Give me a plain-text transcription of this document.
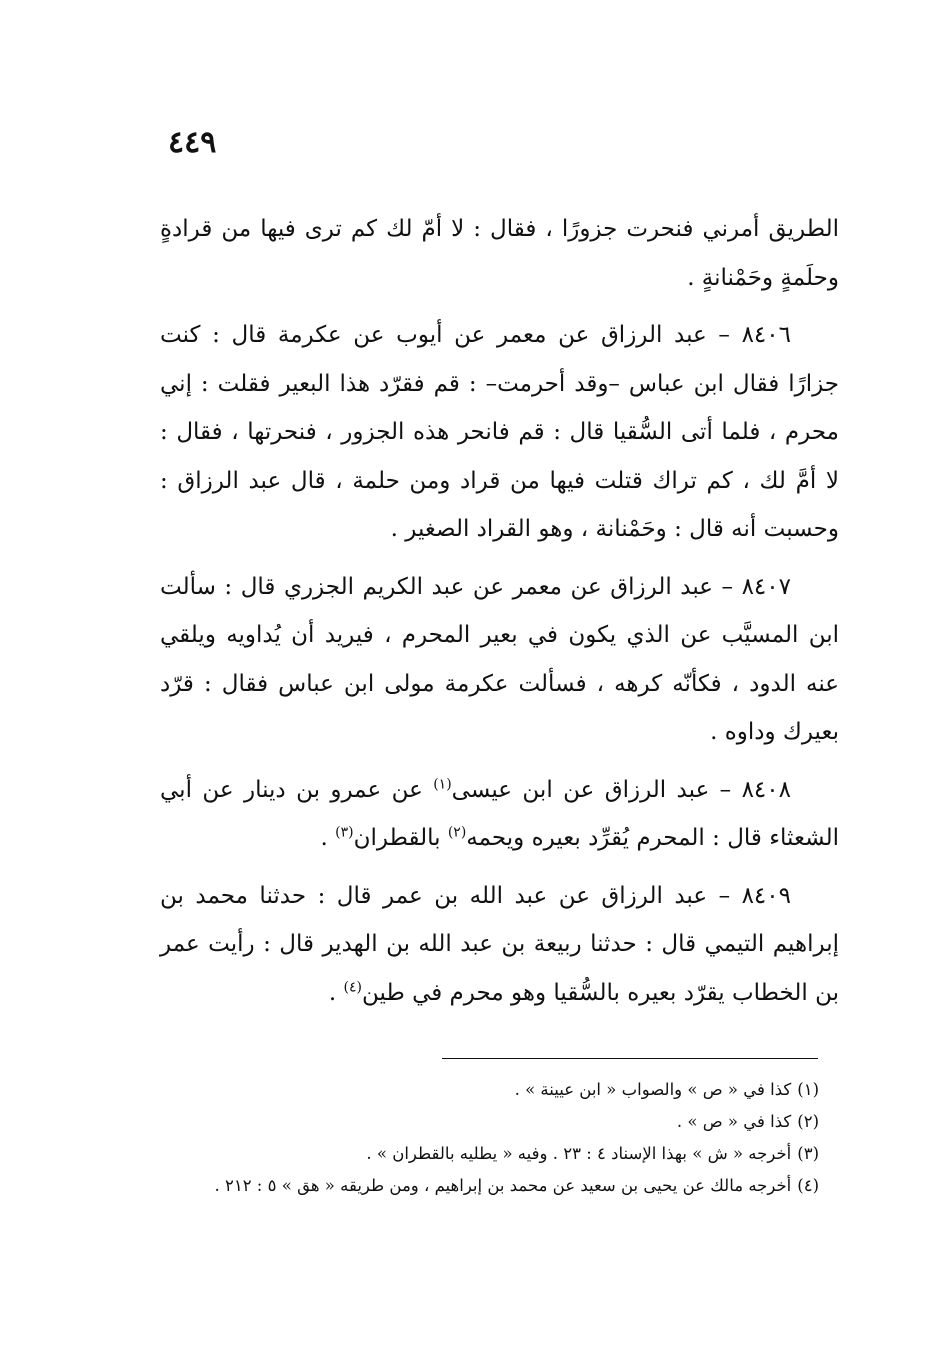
٤٤٩

الطريق أمرني فنحرت جزورًا ، فقال : لا أمّ لك كم ترى فيها من قرادةٍ وحلَمةٍ وحَمْنانةٍ .

٨٤٠٦ – عبد الرزاق عن معمر عن أيوب عن عكرمة قال : كنت جزارًا فقال ابن عباس –وقد أحرمت– : قم فقرّد هذا البعير فقلت : إني محرم ، فلما أتى السُّقيا قال : قم فانحر هذه الجزور ، فنحرتها ، فقال : لا أمَّ لك ، كم تراك قتلت فيها من قراد ومن حلمة ، قال عبد الرزاق : وحسبت أنه قال : وحَمْنانة ، وهو القراد الصغير .

٨٤٠٧ – عبد الرزاق عن معمر عن عبد الكريم الجزري قال : سألت ابن المسيَّب عن الذي يكون في بعير المحرم ، فيريد أن يُداويه ويلقي عنه الدود ، فكأنّه كرهه ، فسألت عكرمة مولى ابن عباس فقال : قرّد بعيرك وداوه .

٨٤٠٨ – عبد الرزاق عن ابن عيسى$^{(١)}$ عن عمرو بن دينار عن أبي الشعثاء قال : المحرم يُقرِّد بعيره ويحمه$^{(٢)}$ بالقطران$^{(٣)}$ .

٨٤٠٩ – عبد الرزاق عن عبد الله بن عمر قال : حدثنا محمد بن إبراهيم التيمي قال : حدثنا ربيعة بن عبد الله بن الهدير قال : رأيت عمر بن الخطاب يقرّد بعيره بالسُّقيا وهو محرم في طين$^{(٤)}$ .

(١)كذا في « ص » والصواب « ابن عيينة » .

(٢)كذا في « ص » .

(٣)أخرجه « ش » بهذا الإسناد ٤ : ٢٣ . وفيه « يطليه بالقطران » .

(٤)أخرجه مالك عن يحيى بن سعيد عن محمد بن إبراهيم ، ومن طريقه « هق » ٥ : ٢١٢ .
